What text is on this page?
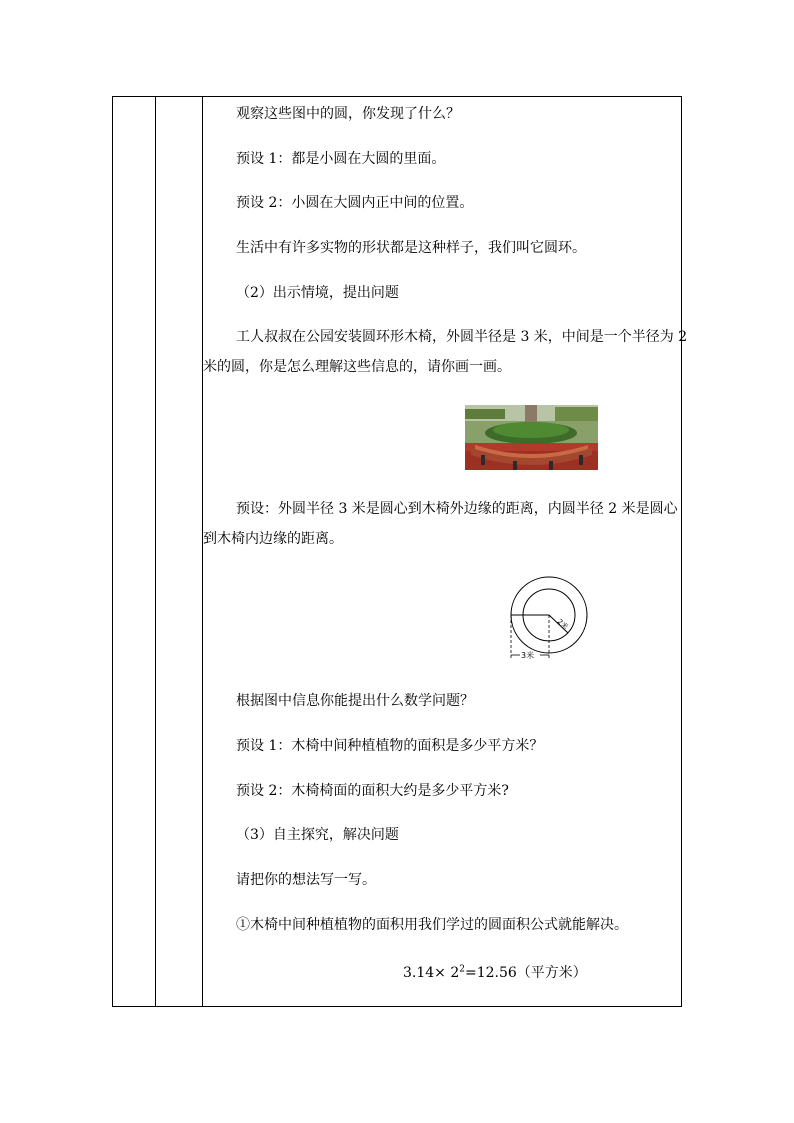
观察这些图中的圆，你发现了什么？
预设 1：都是小圆在大圆的里面。
预设 2：小圆在大圆内正中间的位置。
生活中有许多实物的形状都是这种样子，我们叫它圆环。
（2）出示情境，提出问题
工人叔叔在公园安装圆环形木椅，外圆半径是 3 米，中间是一个半径为 2
米的圆，你是怎么理解这些信息的，请你画一画。
预设：外圆半径 3 米是圆心到木椅外边缘的距离，内圆半径 2 米是圆心
到木椅内边缘的距离。
3米
2米
根据图中信息你能提出什么数学问题？
预设 1：木椅中间种植植物的面积是多少平方米？
预设 2：木椅椅面的面积大约是多少平方米?
（3）自主探究，解决问题
请把你的想法写一写。
①木椅中间种植植物的面积用我们学过的圆面积公式就能解决。
$3.14\times 2^2=12.56$（平方米）
